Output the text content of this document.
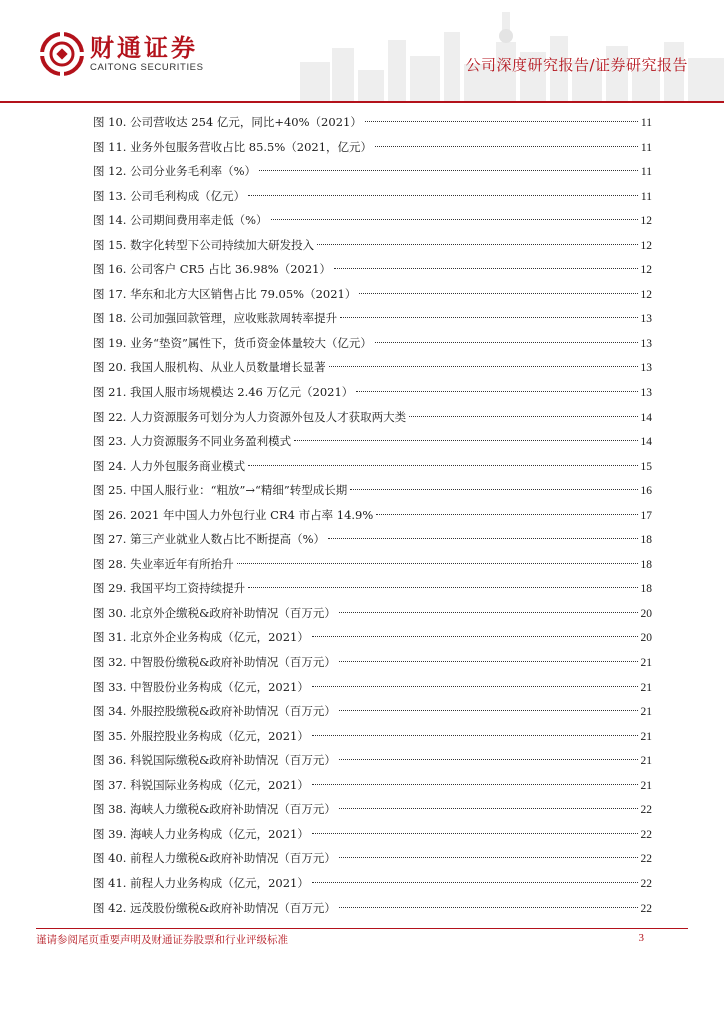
财通证券
CAITONG SECURITIES	公司深度研究报告/证券研究报告
图 10. 公司营收达 254 亿元，同比+40%（2021）	11
图 11. 业务外包服务营收占比 85.5%（2021，亿元）	11
图 12. 公司分业务毛利率（%）	11
图 13. 公司毛利构成（亿元）	11
图 14. 公司期间费用率走低（%）	12
图 15. 数字化转型下公司持续加大研发投入	12
图 16. 公司客户 CR5 占比 36.98%（2021）	12
图 17. 华东和北方大区销售占比 79.05%（2021）	12
图 18. 公司加强回款管理，应收账款周转率提升	13
图 19. 业务“垫资”属性下，货币资金体量较大（亿元）	13
图 20. 我国人服机构、从业人员数量增长显著	13
图 21. 我国人服市场规模达 2.46 万亿元（2021）	13
图 22. 人力资源服务可划分为人力资源外包及人才获取两大类	14
图 23. 人力资源服务不同业务盈利模式	14
图 24. 人力外包服务商业模式	15
图 25. 中国人服行业：“粗放”→“精细”转型成长期	16
图 26. 2021 年中国人力外包行业 CR4 市占率 14.9%	17
图 27. 第三产业就业人数占比不断提高（%）	18
图 28. 失业率近年有所抬升	18
图 29. 我国平均工资持续提升	18
图 30. 北京外企缴税&政府补助情况（百万元）	20
图 31. 北京外企业务构成（亿元，2021）	20
图 32. 中智股份缴税&政府补助情况（百万元）	21
图 33. 中智股份业务构成（亿元，2021）	21
图 34. 外服控股缴税&政府补助情况（百万元）	21
图 35. 外服控股业务构成（亿元，2021）	21
图 36. 科锐国际缴税&政府补助情况（百万元）	21
图 37. 科锐国际业务构成（亿元，2021）	21
图 38. 海峡人力缴税&政府补助情况（百万元）	22
图 39. 海峡人力业务构成（亿元，2021）	22
图 40. 前程人力缴税&政府补助情况（百万元）	22
图 41. 前程人力业务构成（亿元，2021）	22
图 42. 远茂股份缴税&政府补助情况（百万元）	22
谨请参阅尾页重要声明及财通证券股票和行业评级标准	3
